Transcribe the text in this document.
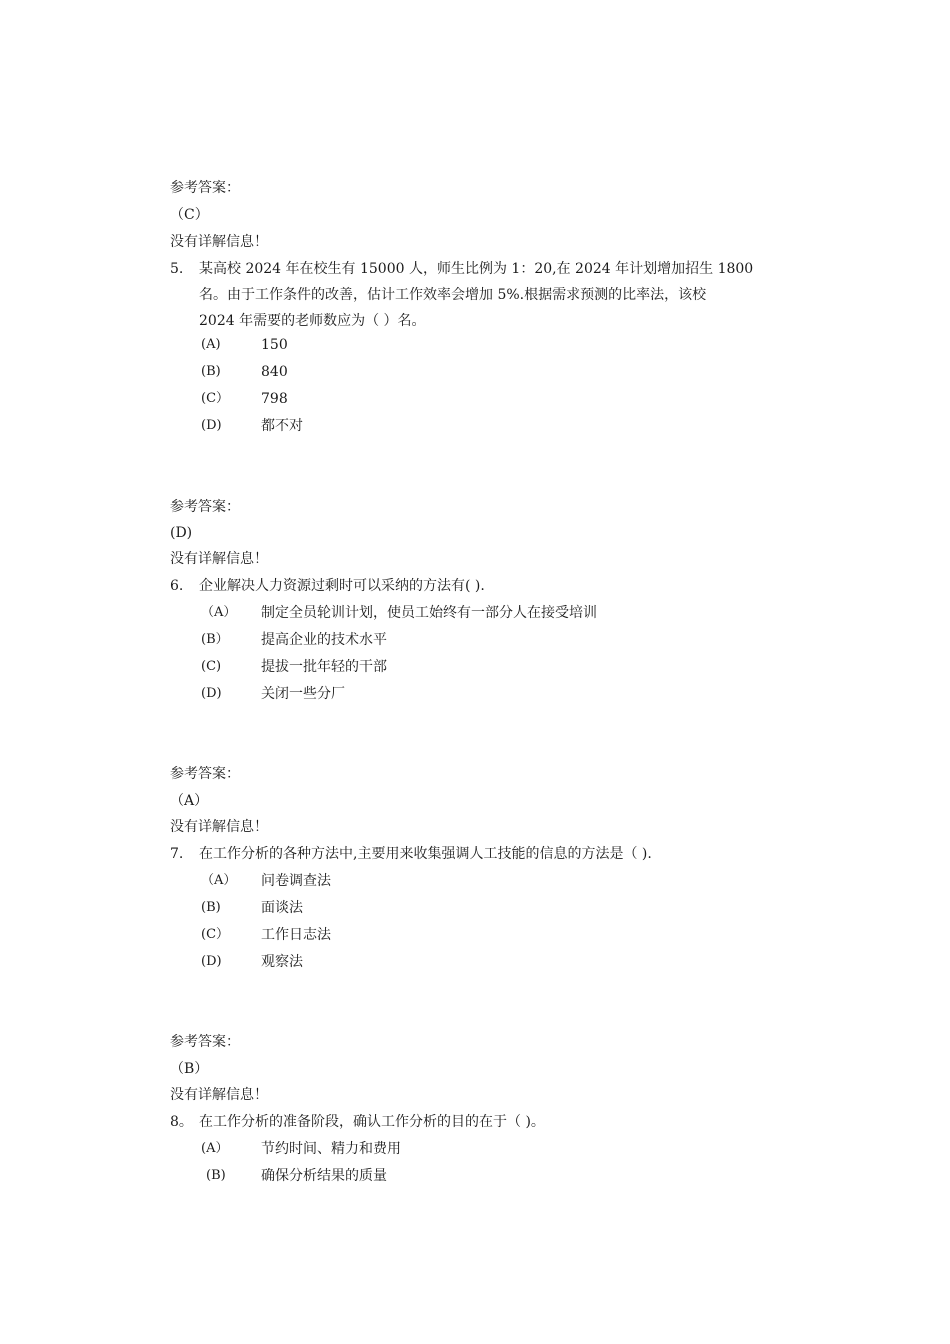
参考答案：
（C）
没有详解信息！
5. 某高校 2024 年在校生有 15000 人，师生比例为 1：20,在 2024 年计划增加招生 1800
名。由于工作条件的改善，估计工作效率会增加 5%.根据需求预测的比率法，该校
2024 年需要的老师数应为（ ）名。
(A)	150
(B)	840
(C） 798
(D)	都不对
参考答案：
(D)
没有详解信息！
6. 企业解决人力资源过剩时可以采纳的方法有( ).
（A） 制定全员轮训计划，使员工始终有一部分人在接受培训
(B） 提高企业的技术水平
(C)	提拔一批年轻的干部
(D)	关闭一些分厂
参考答案：
（A）
没有详解信息！
7. 在工作分析的各种方法中,主要用来收集强调人工技能的信息的方法是（ ).
（A） 问卷调查法
(B)	面谈法
(C） 工作日志法
(D)	观察法
参考答案：
（B）
没有详解信息！
8。 在工作分析的准备阶段，确认工作分析的目的在于（ )。
(A） 节约时间、精力和费用
(B)	确保分析结果的质量
